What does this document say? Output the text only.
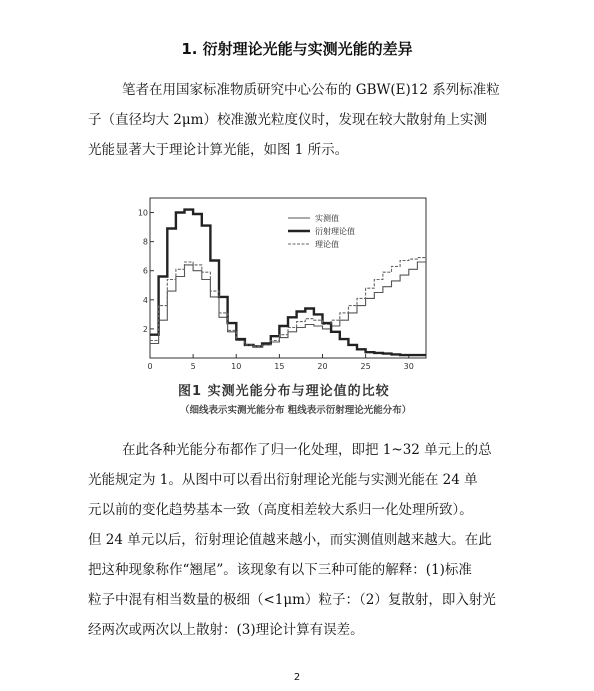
1. 衍射理论光能与实测光能的差异
笔者在用国家标准物质研究中心公布的 GBW(E)12 系列标准粒
子（直径均大 2μm）校准激光粒度仪时，发现在较大散射角上实测
光能显著大于理论计算光能，如图 1 所示。
2
4
6
8
10
0	5	10	15	20	25	30
实测值
衍射理论值
理论值
图1 实测光能分布与理论值的比较
（细线表示实测光能分布 粗线表示衍射理论光能分布）
在此各种光能分布都作了归一化处理，即把 1~32 单元上的总
光能规定为 1。从图中可以看出衍射理论光能与实测光能在 24 单
元以前的变化趋势基本一致（高度相差较大系归一化处理所致）。
但 24 单元以后，衍射理论值越来越小，而实测值则越来越大。在此
把这种现象称作“翘尾”。该现象有以下三种可能的解释：(1)标准
粒子中混有相当数量的极细（<1μm）粒子：（2）复散射，即入射光
经两次或两次以上散射：(3)理论计算有误差。
2
